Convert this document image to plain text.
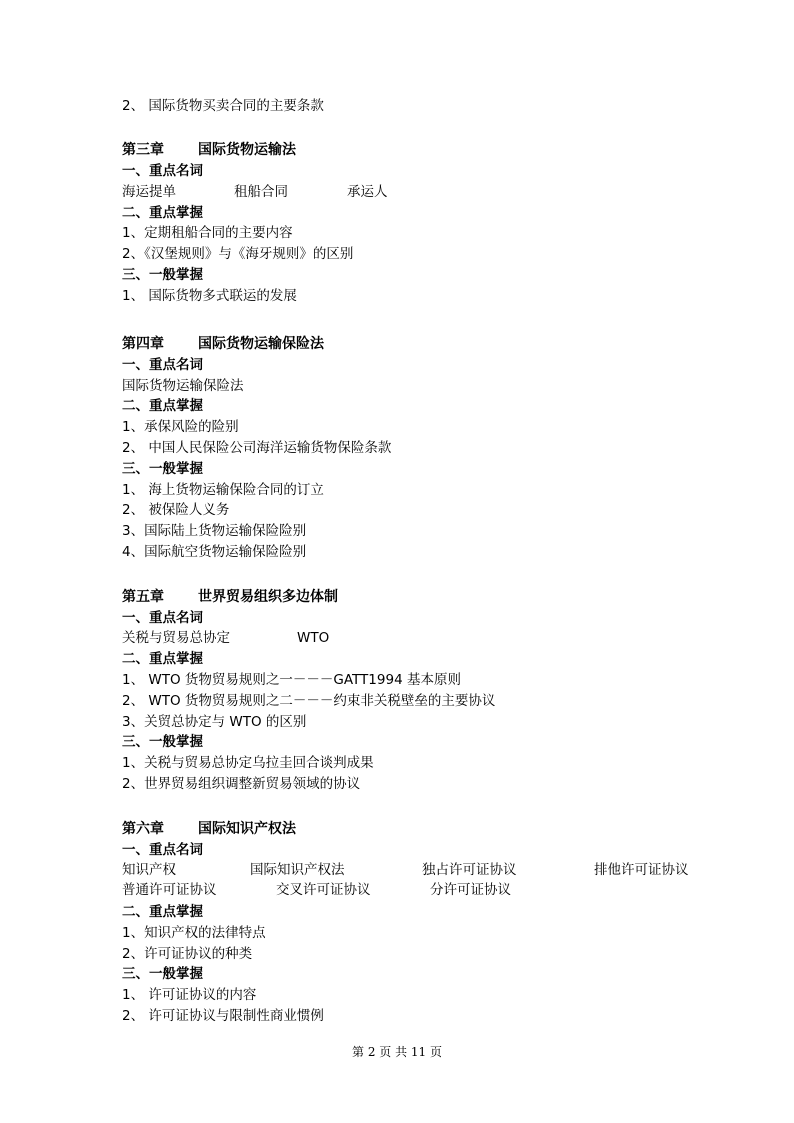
2、 国际货物买卖合同的主要条款
第三章 国际货物运输法
一、重点名词
海运提单	租船合同	承运人
二、重点掌握
1、定期租船合同的主要内容
2、《汉堡规则》与《海牙规则》的区别
三、一般掌握
1、 国际货物多式联运的发展
第四章 国际货物运输保险法
一、重点名词
国际货物运输保险法
二、重点掌握
1、承保风险的险别
2、 中国人民保险公司海洋运输货物保险条款
三、一般掌握
1、 海上货物运输保险合同的订立
2、 被保险人义务
3、国际陆上货物运输保险险别
4、国际航空货物运输保险险别
第五章 世界贸易组织多边体制
一、重点名词
关税与贸易总协定	WTO
二、重点掌握
1、 WTO 货物贸易规则之一－－－GATT1994 基本原则
2、 WTO 货物贸易规则之二－－－约束非关税壁垒的主要协议
3、关贸总协定与 WTO 的区别
三、一般掌握
1、关税与贸易总协定乌拉圭回合谈判成果
2、世界贸易组织调整新贸易领域的协议
第六章 国际知识产权法
一、重点名词
知识产权	国际知识产权法	独占许可证协议	排他许可证协议
普通许可证协议	交叉许可证协议	分许可证协议
二、重点掌握
1、知识产权的法律特点
2、许可证协议的种类
三、一般掌握
1、 许可证协议的内容
2、 许可证协议与限制性商业惯例
第 2 页 共 11 页
